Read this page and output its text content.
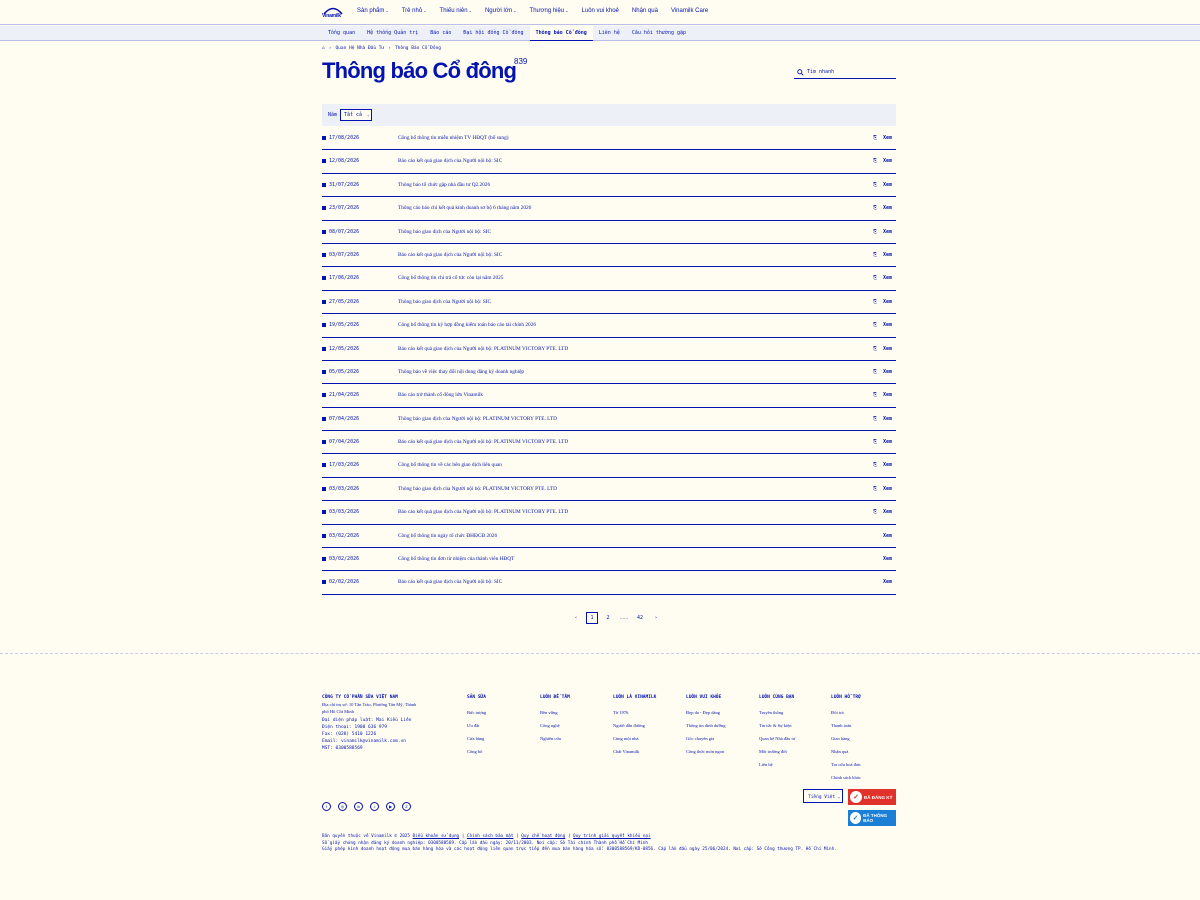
Vinamilk
Sản phẩm⌄ Trẻ nhỏ⌄ Thiếu niên⌄ Người lớn⌄ Thương hiệu⌄ Luôn vui khoẻ Nhận quà Vinamilk Care
Tổng quan	Hệ thống Quản trị	Báo cáo	Đại hội đồng Cổ đông	Thông báo Cổ đông	Liên hệ	Câu hỏi thường gặp
⌂ › Quan Hệ Nhà Đầu Tư › Thông Báo Cổ Đông
Thông báo Cổ đông
839
Tìm nhanh
Năm	Tất cả ⌄
17/08/2026	Công bố thông tin miễn nhiệm TV HĐQT (bổ sung)	⎘ Xem
12/08/2026	Báo cáo kết quả giao dịch của Người nội bộ: SIC	⎘ Xem
31/07/2026	Thông báo tổ chức gặp nhà đầu tư Q2.2026	⎘ Xem
23/07/2026	Thông cáo báo chí kết quả kinh doanh sơ bộ 6 tháng năm 2026	⎘ Xem
08/07/2026	Thông báo giao dịch của Người nội bộ: SIC	⎘ Xem
03/07/2026	Báo cáo kết quả giao dịch của Người nội bộ: SIC	⎘ Xem
17/06/2026	Công bố thông tin chi trả cổ tức còn lại năm 2025	⎘ Xem
27/05/2026	Thông báo giao dịch của Người nội bộ: SIC	⎘ Xem
19/05/2026	Công bố thông tin ký hợp đồng kiểm toán báo cáo tài chính 2026	⎘ Xem
12/05/2026	Báo cáo kết quả giao dịch của Người nội bộ: PLATINUM VICTORY PTE. LTD	⎘ Xem
05/05/2026	Thông báo về việc thay đổi nội dung đăng ký doanh nghiệp	⎘ Xem
21/04/2026	Báo cáo trở thành cổ đông lớn Vinamilk	⎘ Xem
07/04/2026	Thông báo giao dịch của Người nội bộ: PLATINUM VICTORY PTE. LTD	⎘ Xem
07/04/2026	Báo cáo kết quả giao dịch của Người nội bộ: PLATINUM VICTORY PTE. LTD	⎘ Xem
17/03/2026	Công bố thông tin về các bên giao dịch liên quan	⎘ Xem
03/03/2026	Thông báo giao dịch của Người nội bộ: PLATINUM VICTORY PTE. LTD	⎘ Xem
03/03/2026	Báo cáo kết quả giao dịch của Người nội bộ: PLATINUM VICTORY PTE. LTD	⎘ Xem
03/02/2026	Công bố thông tin ngày tổ chức ĐHĐCĐ 2026	Xem
03/02/2026	Công bố thông tin đơn từ nhiệm của thành viên HĐQT	Xem
02/02/2026	Báo cáo kết quả giao dịch của Người nội bộ: SIC	Xem
‹	1	2	...	42	›
CÔNG TY CỔ PHẦN SỮA VIỆT NAM
Địa chỉ trụ sở: 10 Tân Trào, Phường Tân Mỹ, Thành phố Hồ Chí Minh
Đại diện pháp luật: Mai Kiều Liên
Điện thoại: 1900 636 979
Fax: (028) 5410 1226
Email: vinamilk@vinamilk.com.vn
MST: 0300588569
SẢN SỮA
Bức tượng
Ưu đãi
Cửa hàng
Công bố
LUÔN ĐỂ TÂM
Bền vững
Công nghệ
Nghiên cứu
LUÔN LÀ VINAMILK
Từ 1976
Người dẫn đường
Cùng một nhà
Chất Vinamilk
LUÔN VUI KHỎE
Đẹp da - Đẹp dáng
Thông tin dinh dưỡng
Góc chuyên gia
Công thức món ngon
LUÔN CÙNG BẠN
Truyền thông
Tin tức & Sự kiện
Quan hệ Nhà đầu tư
Môi trường đời
Liên hệ
LUÔN HỖ TRỢ
Đổi trả
Thanh toán
Giao hàng
Nhận quà
Tra cứu hoá đơn
Chính sách khác
f	◎	in	♪	▶	Z
Tiếng Việt ⌄	✓	ĐÃ ĐĂNG KÝ
✓	ĐÃ THÔNG BÁO
Bản quyền thuộc về Vinamilk © 2025 Điều khoản sử dụng | Chính sách bảo mật | Quy chế hoạt động | Quy trình giải quyết khiếu nại
Số giấy chứng nhận đăng ký doanh nghiệp: 0300588569. Cấp lần đầu ngày: 20/11/2003. Nơi cấp: Sở Tài chính Thành phố Hồ Chí Minh
Giấy phép kinh doanh hoạt động mua bán hàng hóa và các hoạt động liên quan trực tiếp đến mua bán hàng hóa số: 0300588569/KD-0856. Cấp lần đầu ngày 25/06/2024. Nơi cấp: Sở Công thương TP. Hồ Chí Minh.
